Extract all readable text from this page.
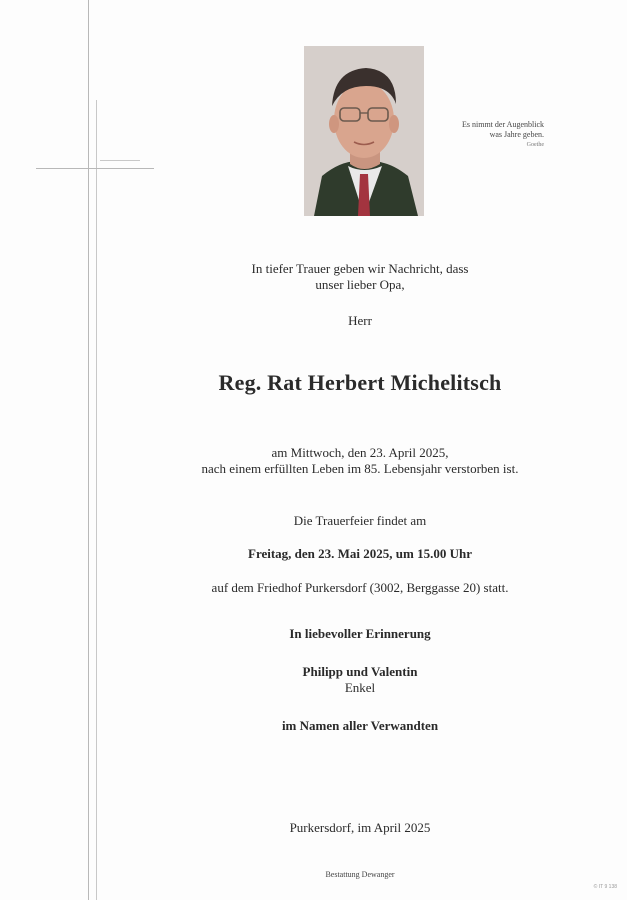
Es nimmt der Augenblick
was Jahre geben.
Goethe
In tiefer Trauer geben wir Nachricht, dass
unser lieber Opa,
Herr
Reg. Rat Herbert Michelitsch
am Mittwoch, den 23. April 2025,
nach einem erfüllten Leben im 85. Lebensjahr verstorben ist.
Die Trauerfeier findet am
Freitag, den 23. Mai 2025, um 15.00 Uhr
auf dem Friedhof Purkersdorf (3002, Berggasse 20) statt.
In liebevoller Erinnerung
Philipp und Valentin
Enkel
im Namen aller Verwandten
Purkersdorf, im April 2025
Bestattung Dewanger
© IT 9 138
